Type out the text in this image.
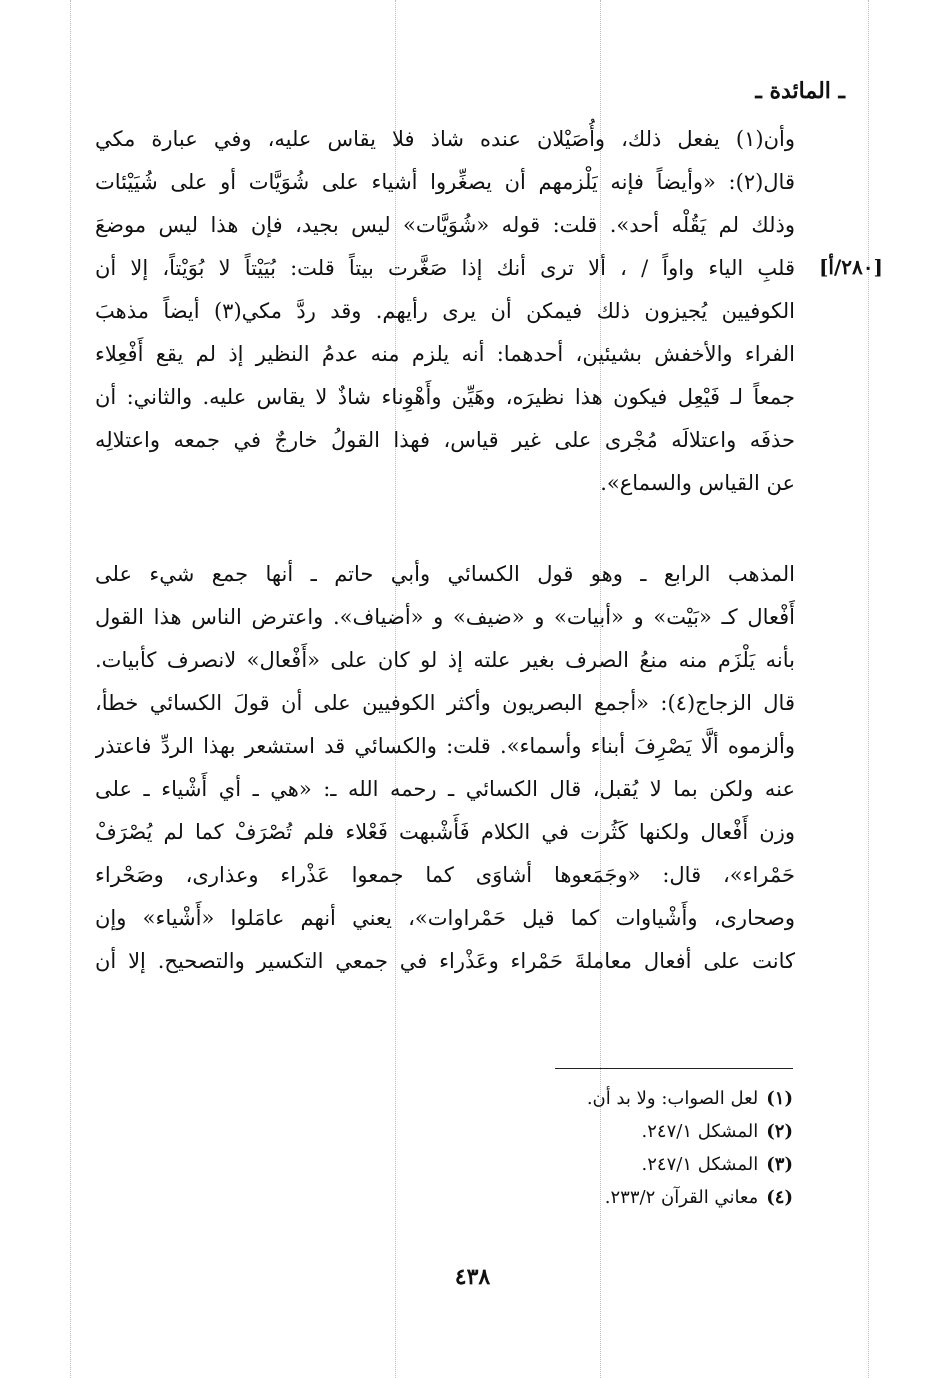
ـ المائدة ـ
[٢٨٠/أ]
وأن(١) يفعل ذلك، وأُصَيْلان عنده شاذ فلا يقاس عليه، وفي عبارة مكي
قال(٢): «وأيضاً فإنه يَلْزمهم أن يصغِّروا أشياء على شُوَيَّات أو على شُيَيْئات
وذلك لم يَقُلْه أحد». قلت: قوله «شُوَيَّات» ليس بجيد، فإن هذا ليس موضعَ
قلبِ الياء واواً / ، ألا ترى أنك إذا صَغَّرت بيتاً قلت: بُيَيْتاً لا بُوَيْتاً، إلا أن
الكوفيين يُجيزون ذلك فيمكن أن يرى رأيهم. وقد ردَّ مكي(٣) أيضاً مذهبَ
الفراء والأخفش بشيئين، أحدهما: أنه يلزم منه عدمُ النظير إذ لم يقع أَفْعِلاء
جمعاً لـ فَيْعِل فيكون هذا نظيرَه، وهَيِّن وأَهْوِناء شاذٌ لا يقاس عليه. والثاني: أن
حذفَه واعتلالَه مُجْرى على غير قياس، فهذا القولُ خارجٌ في جمعه واعتلالِه
عن القياس والسماع».
المذهب الرابع ـ وهو قول الكسائي وأبي حاتم ـ أنها جمع شيء على
أَفْعال كـ «بَيْت» و «أبيات» و «ضيف» و «أضياف». واعترض الناس هذا القول
بأنه يَلْزَم منه منعُ الصرف بغير علته إذ لو كان على «أَفْعال» لانصرف كأبيات.
قال الزجاج(٤): «أجمع البصريون وأكثر الكوفيين على أن قولَ الكسائي خطأ،
وألزموه ألَّا يَصْرِفَ أبناء وأسماء». قلت: والكسائي قد استشعر بهذا الردِّ فاعتذر
عنه ولكن بما لا يُقبل، قال الكسائي ـ رحمه الله ـ: «هي ـ أي أَشْياء ـ على
وزن أَفْعال ولكنها كَثُرت في الكلام فَأَشْبهت فَعْلاء فلم تُصْرَفْ كما لم يُصْرَفْ
حَمْراء»، قال: «وجَمَعوها أشاوَى كما جمعوا عَذْراء وعذارى، وصَحْراء
وصحارى، وأَشْياوات كما قيل حَمْراوات»، يعني أنهم عامَلوا «أَشْياء» وإن
كانت على أفعال معاملةَ حَمْراء وعَذْراء في جمعي التكسير والتصحيح. إلا أن
(١)لعل الصواب: ولا بد أن.
(٢)المشكل ٢٤٧/١.
(٣)المشكل ٢٤٧/١.
(٤)معاني القرآن ٢٣٣/٢.
٤٣٨
